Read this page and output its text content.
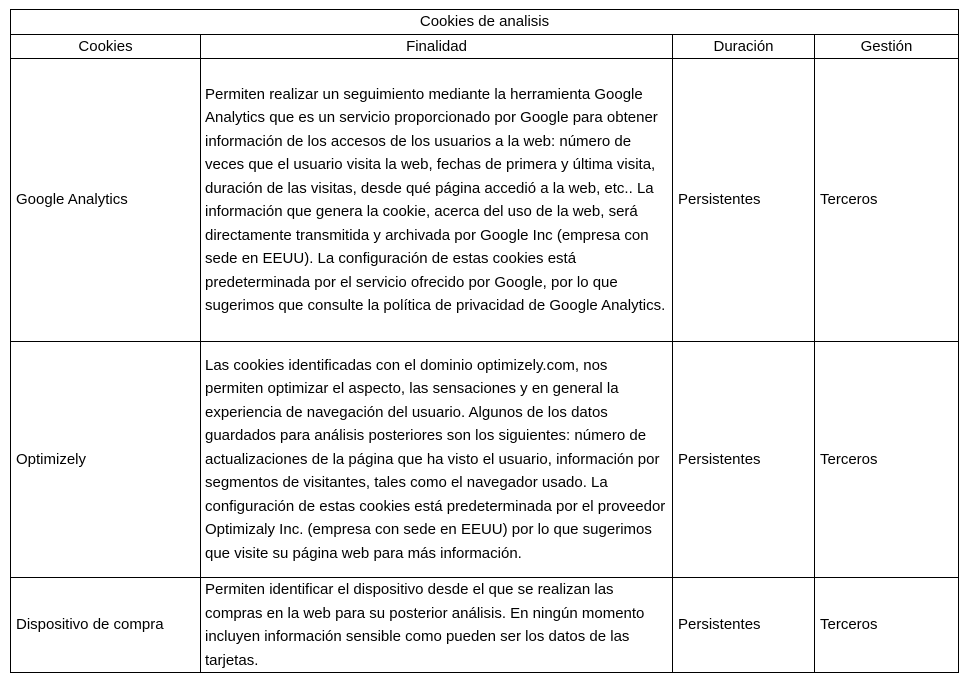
Cookies de analisis			
Cookies	Finalidad	Duración	Gestión
Google Analytics	Permiten realizar un seguimiento mediante la herramienta Google Analytics que es un servicio proporcionado por Google para obtener información de los accesos de los usuarios a la web: número de veces que el usuario visita la web, fechas de primera y última visita, duración de las visitas, desde qué página accedió a la web, etc.. La información que genera la cookie, acerca del uso de la web, será directamente transmitida y archivada por Google Inc (empresa con sede en EEUU). La configuración de estas cookies está predeterminada por el servicio ofrecido por Google, por lo que sugerimos que consulte la política de privacidad de Google Analytics.	Persistentes	Terceros
Optimizely	Las cookies identificadas con el dominio optimizely.com, nos permiten optimizar el aspecto, las sensaciones y en general la experiencia de navegación del usuario. Algunos de los datos guardados para análisis posteriores son los siguientes: número de actualizaciones de la página que ha visto el usuario, información por segmentos de visitantes, tales como el navegador usado. La configuración de estas cookies está predeterminada por el proveedor Optimizaly Inc. (empresa con sede en EEUU) por lo que sugerimos que visite su página web para más información.	Persistentes	Terceros
Dispositivo de compra	Permiten identificar el dispositivo desde el que se realizan las compras en la web para su posterior análisis. En ningún momento incluyen información sensible como pueden ser los datos de las tarjetas.	Persistentes	Terceros
